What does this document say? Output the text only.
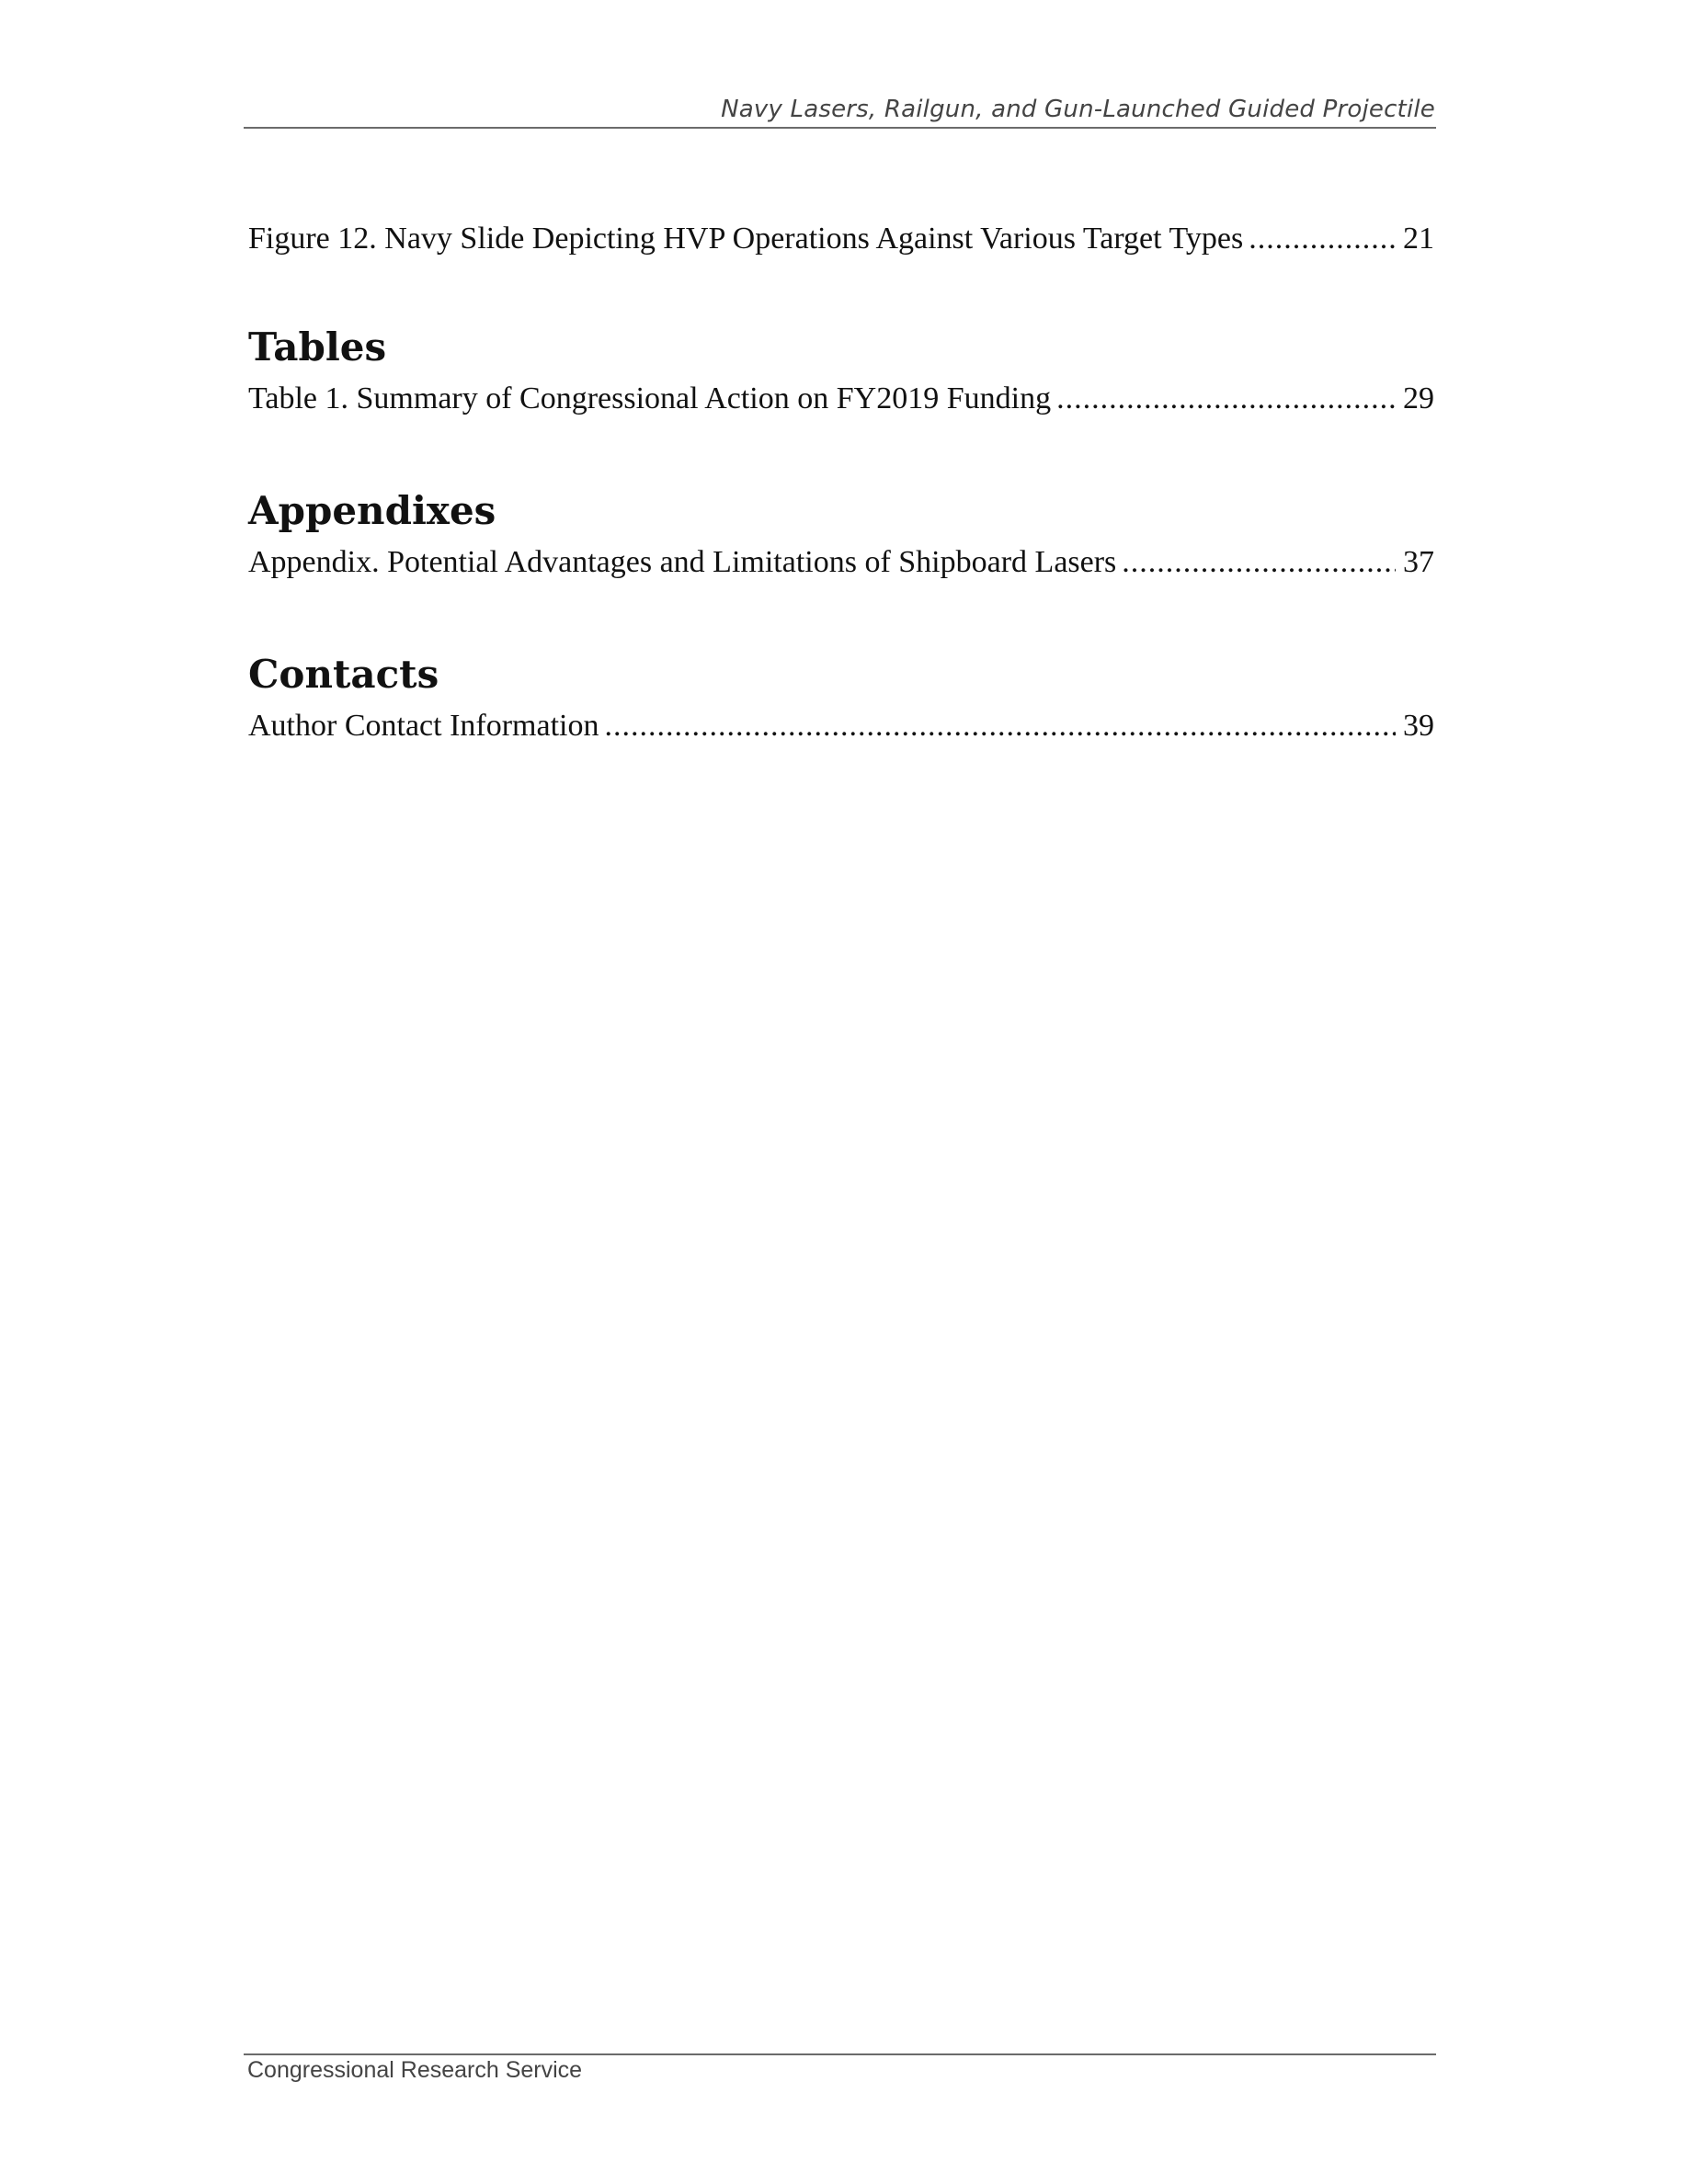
Navy Lasers, Railgun, and Gun-Launched Guided Projectile
Figure 12. Navy Slide Depicting HVP Operations Against Various Target Types .....	21
Tables
Table 1. Summary of Congressional Action on FY2019 Funding .....	29
Appendixes
Appendix. Potential Advantages and Limitations of Shipboard Lasers .....	37
Contacts
Author Contact Information .....	39
Congressional Research Service
